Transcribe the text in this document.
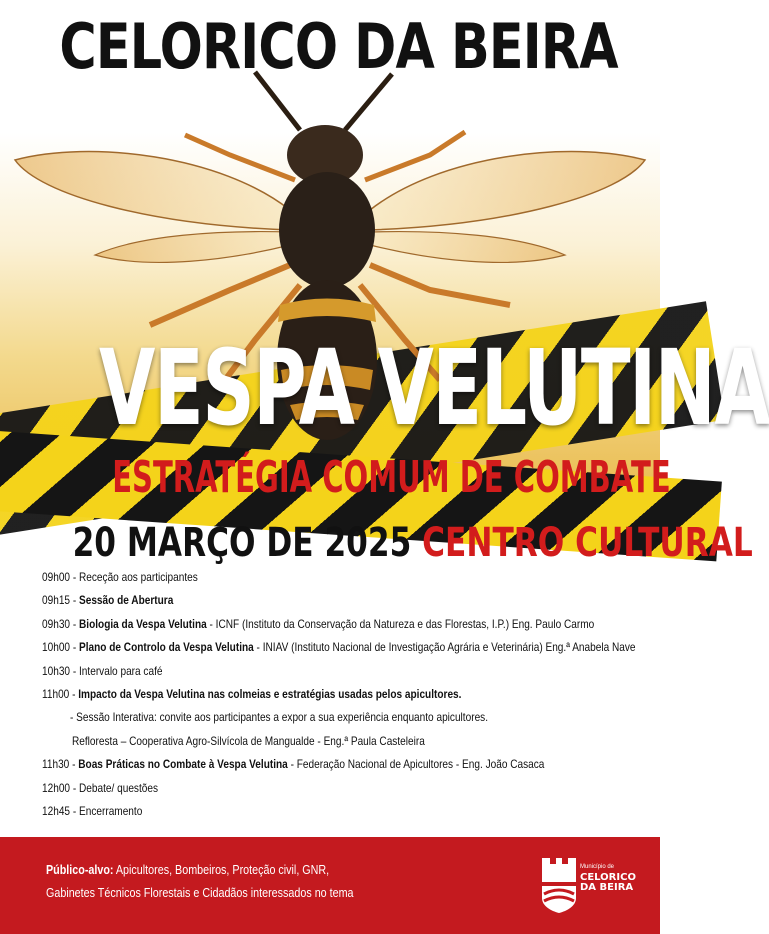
CELORICO DA BEIRA
VESPA VELUTINA
ESTRATÉGIA COMUM DE COMBATE
20 MARÇO DE 2025 CENTRO CULTURAL
09h00 - Receção aos participantes
09h15 - Sessão de Abertura
09h30 - Biologia da Vespa Velutina - ICNF (Instituto da Conservação da Natureza e das Florestas, I.P.) Eng. Paulo Carmo
10h00 - Plano de Controlo da Vespa Velutina - INIAV (Instituto Nacional de Investigação Agrária e Veterinária) Eng.ª Anabela Nave
10h30 - Intervalo para café
11h00 - Impacto da Vespa Velutina nas colmeias e estratégias usadas pelos apicultores.
- Sessão Interativa: convite aos participantes a expor a sua experiência enquanto apicultores.
Refloresta – Cooperativa Agro-Silvícola de Mangualde - Eng.ª Paula Casteleira
11h30 - Boas Práticas no Combate à Vespa Velutina - Federação Nacional de Apicultores - Eng. João Casaca
12h00 - Debate/ questões
12h45 - Encerramento
Público-alvo: Apicultores, Bombeiros, Proteção civil, GNR,
Gabinetes Técnicos Florestais e Cidadãos interessados no tema
Município de
CELORICO
DA BEIRA
